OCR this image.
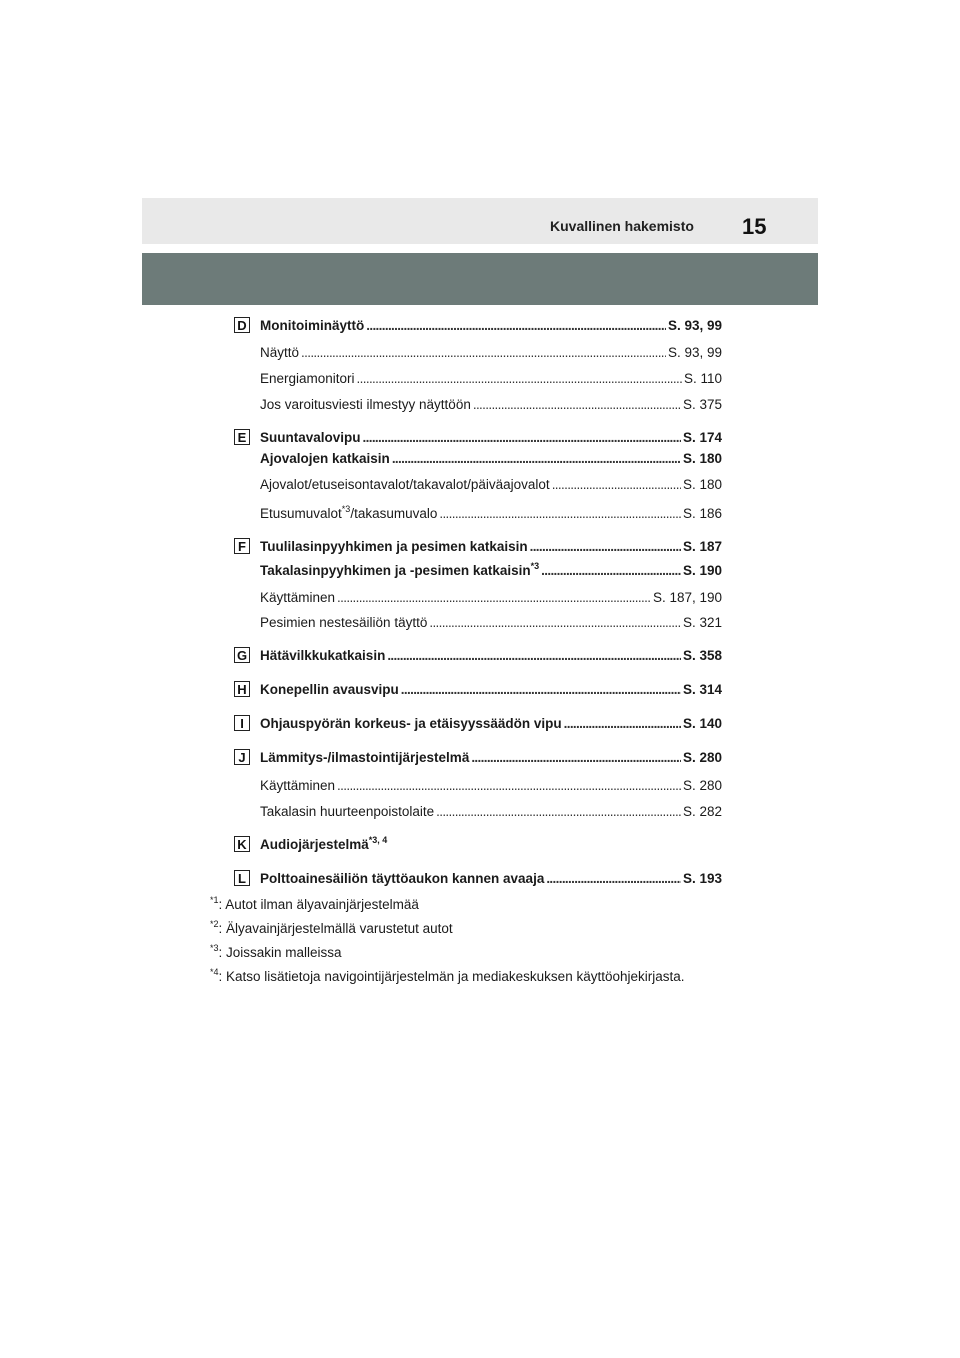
Kuvallinen hakemisto 15
D Monitoiminäyttö . . .	S. 93, 99
Näyttö . . .	S. 93, 99
Energiamonitori . . .	S. 110
Jos varoitusviesti ilmestyy näyttöön . . .	S. 375
E Suuntavalovipu . . .	S. 174
Ajovalojen katkaisin . . .	S. 180
Ajovalot/etuseisontavalot/takavalot/päiväajovalot . . .	S. 180
Etusumuvalot$^{*3}$/takasumuvalo . . .	S. 186
F Tuulilasinpyyhkimen ja pesimen katkaisin . . .	S. 187
Takalasinpyyhkimen ja -pesimen katkaisin$^{*3}$ . . .	S. 190
Käyttäminen . . .	S. 187, 190
Pesimien nestesäiliön täyttö . . .	S. 321
G Hätävilkkukatkaisin . . .	S. 358
H Konepellin avausvipu . . .	S. 314
I	Ohjauspyörän korkeus- ja etäisyyssäädön vipu . . .	S. 140
J	Lämmitys-/ilmastointijärjestelmä . . .	S. 280
Käyttäminen . . .	S. 280
Takalasin huurteenpoistolaite . . .	S. 282
K Audiojärjestelmä$^{*3, 4}$
L Polttoainesäiliön täyttöaukon kannen avaaja . . .	S. 193
$^{*1}$: Autot ilman älyavainjärjestelmää
$^{*2}$: Älyavainjärjestelmällä varustetut autot
$^{*3}$: Joissakin malleissa
$^{*4}$: Katso lisätietoja navigointijärjestelmän ja mediakeskuksen käyttöohjekirjasta.
